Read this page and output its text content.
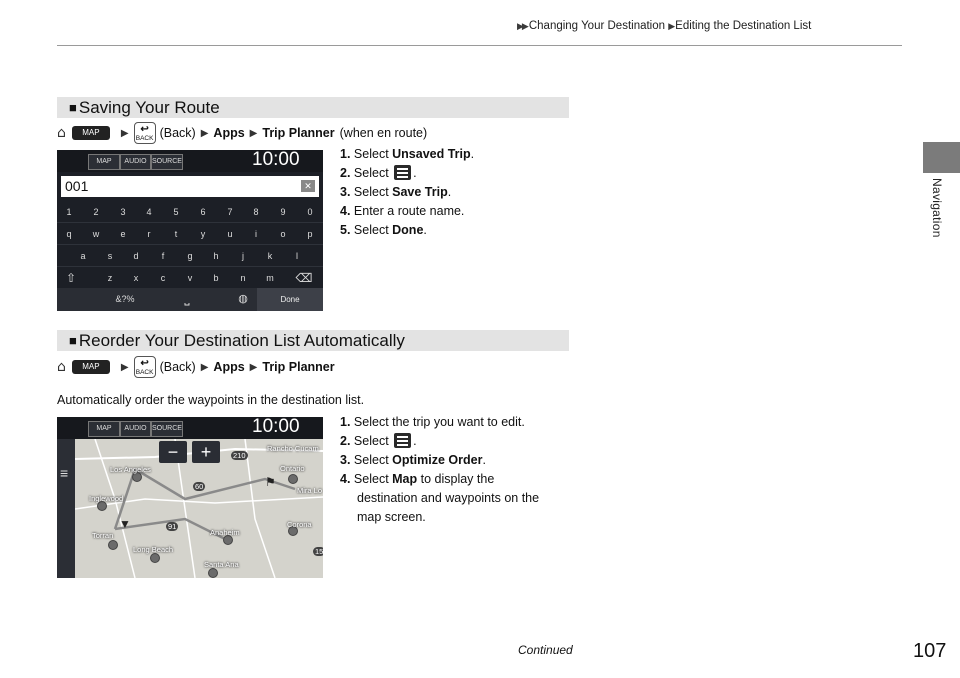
▶▶ Changing Your Destination ▶ Editing the Destination List
Navigation
■ Saving Your Route
⌂	MAP	▶	↩
BACK (Back) ▶ Apps ▶ Trip Planner (when en route)
MAP	AUDIO SOURCE	10:00
001	✕
1	2	3	4	5	6	7	8	9	0
q	w	e	r	t	y	u	i	o	p
a	s	d	f	g	h	j	k	l
⇧	z	x	c	v	b	n	m	⌫
&?%	⎵	◍	Done
1. Select Unsaved Trip.
2. Select
.
3. Select Save Trip.
4. Enter a route name.
5. Select Done.
■ Reorder Your Destination List Automatically
⌂	MAP	▶	↩
BACK (Back) ▶ Apps ▶ Trip Planner
Automatically order the waypoints in the destination list.
MAP	AUDIO SOURCE	10:00
≡	Los Angeles	Ontario
Rancho Cucam
Mira Lo
Inglewood
Corona
Anaheim
Torran
Long Beach
Santa Ana
210
60
91
15
⚑
▼
−	+
1. Select the trip you want to edit.
2. Select
.
3. Select Optimize Order.
4. Select Map to display the
destination and waypoints on the
map screen.
Continued	107
